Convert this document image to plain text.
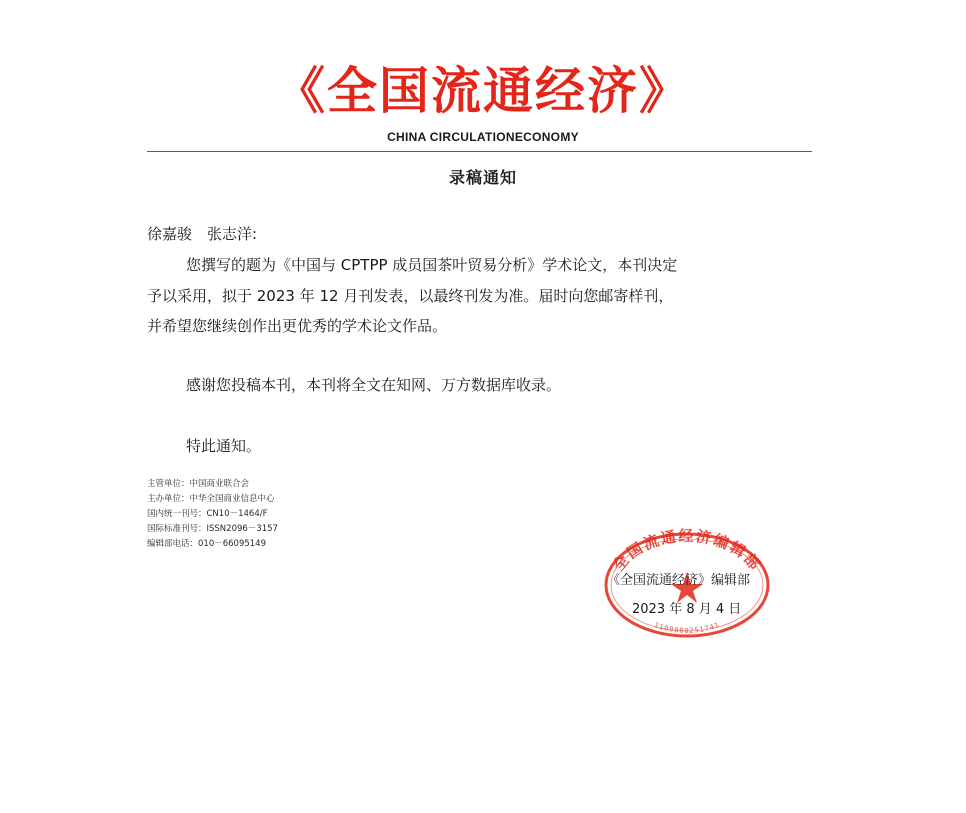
《全国流通经济》
CHINA CIRCULATIONECONOMY
录稿通知
徐嘉骏　张志洋:
您撰写的题为《中国与 CPTPP 成员国茶叶贸易分析》学术论文，本刊决定
予以采用，拟于 2023 年 12 月刊发表，以最终刊发为准。届时向您邮寄样刊，
并希望您继续创作出更优秀的学术论文作品。
感谢您投稿本刊，本刊将全文在知网、万方数据库收录。
特此通知。
主管单位：中国商业联合会
主办单位：中华全国商业信息中心
国内统一刊号：CN10－1464/F
国际标准刊号：ISSN2096－3157
编辑部电话：010－66095149
全国流通经济编辑部
1100000251741
《全国流通经济》编辑部
2023 年 8 月 4 日
